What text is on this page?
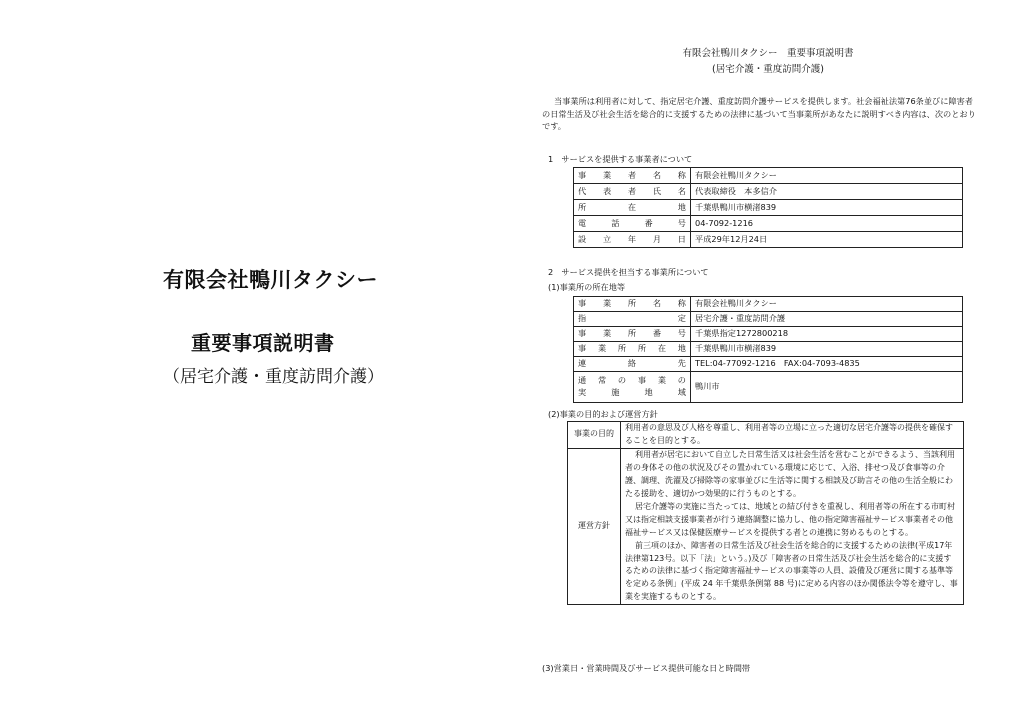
有限会社鴨川タクシー
重要事項説明書
（居宅介護・重度訪問介護）
有限会社鴨川タクシー　重要事項説明書
(居宅介護・重度訪問介護)
当事業所は利用者に対して、指定居宅介護、重度訪問介護サービスを提供します。社会福祉法第76条並びに障害者の日常生活及び社会生活を総合的に支援するための法律に基づいて当事業所があなたに説明すべき内容は、次のとおりです。
1　サービスを提供する事業者について
事業者名称	有限会社鴨川タクシー
代表者氏名	代表取締役　本多信介
所在地	千葉県鴨川市横渚839
電話番号	04-7092-1216
設立年月日	平成29年12月24日
2　サービス提供を担当する事業所について
(1)事業所の所在地等
事業所名称	有限会社鴨川タクシー
指定	居宅介護・重度訪問介護
事業所番号	千葉県指定1272800218
事業所所在地	千葉県鴨川市横渚839
連絡先	TEL:04-77092-1216　FAX:04-7093-4835

通常の事業の
実施地域	鴨川市
(2)事業の目的および運営方針
事業の目的	利用者の意思及び人格を尊重し、利用者等の立場に立った適切な居宅介護等の提供を確保することを目的とする。
運営方針	利用者が居宅において自立した日常生活又は社会生活を営むことができるよう、当該利用者の身体その他の状況及びその置かれている環境に応じて、入浴、排せつ及び食事等の介護、調理、洗濯及び掃除等の家事並びに生活等に関する相談及び助言その他の生活全般にわたる援助を、適切かつ効果的に行うものとする。
居宅介護等の実施に当たっては、地域との結び付きを重視し、利用者等の所在する市町村又は指定相談支援事業者が行う連絡調整に協力し、他の指定障害福祉サービス事業者その他福祉サービス又は保健医療サービスを提供する者との連携に努めるものとする。
前三項のほか、障害者の日常生活及び社会生活を総合的に支援するための法律(平成17年法律第123号。以下「法」という。)及び「障害者の日常生活及び社会生活を総合的に支援するための法律に基づく指定障害福祉サービスの事業等の人員、設備及び運営に関する基準等を定める条例」(平成 24 年千葉県条例第 88 号)に定める内容のほか関係法令等を遵守し、事業を実施するものとする。
(3)営業日・営業時間及びサービス提供可能な日と時間帯
